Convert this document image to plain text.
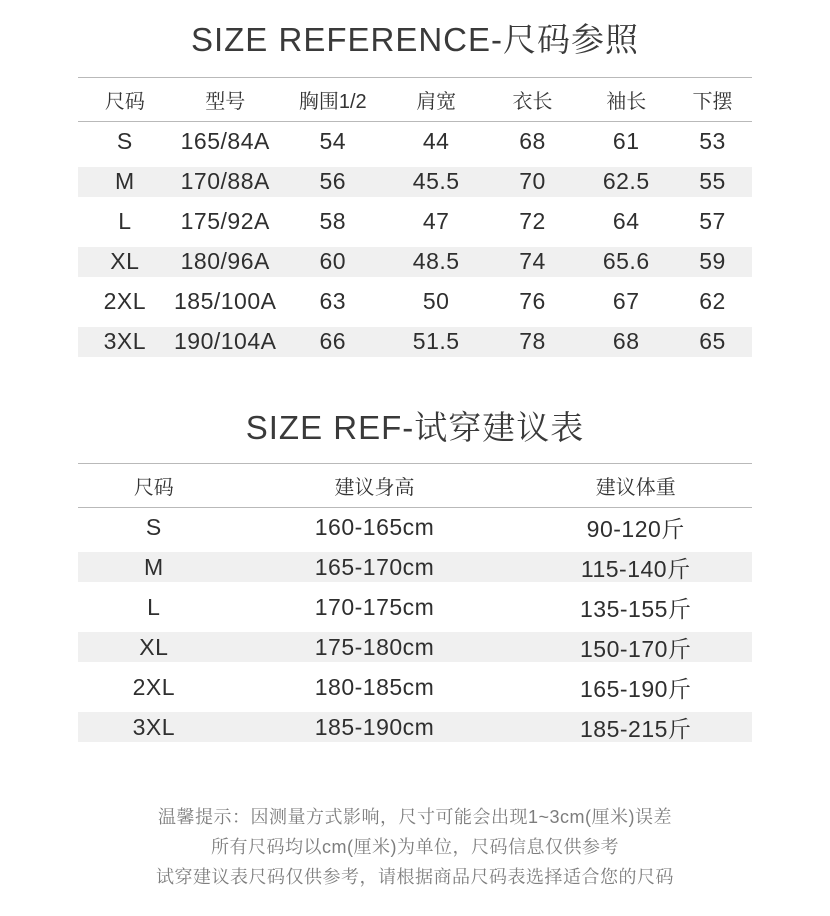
SIZE REFERENCE-尺码参照
尺码	型号	胸围1/2	肩宽	衣长	袖长	下摆
S	165/84A	54	44	68	61	53
M	170/88A	56	45.5	70	62.5	55
L	175/92A	58	47	72	64	57
XL	180/96A	60	48.5	74	65.6	59
2XL	185/100A	63	50	76	67	62
3XL	190/104A	66	51.5	78	68	65
SIZE REF-试穿建议表
尺码	建议身高	建议体重
S	160-165cm	90-120斤
M	165-170cm	115-140斤
L	170-175cm	135-155斤
XL	175-180cm	150-170斤
2XL	180-185cm	165-190斤
3XL	185-190cm	185-215斤
温馨提示：因测量方式影响，尺寸可能会出现1~3cm(厘米)误差
所有尺码均以cm(厘米)为单位，尺码信息仅供参考
试穿建议表尺码仅供参考，请根据商品尺码表选择适合您的尺码
